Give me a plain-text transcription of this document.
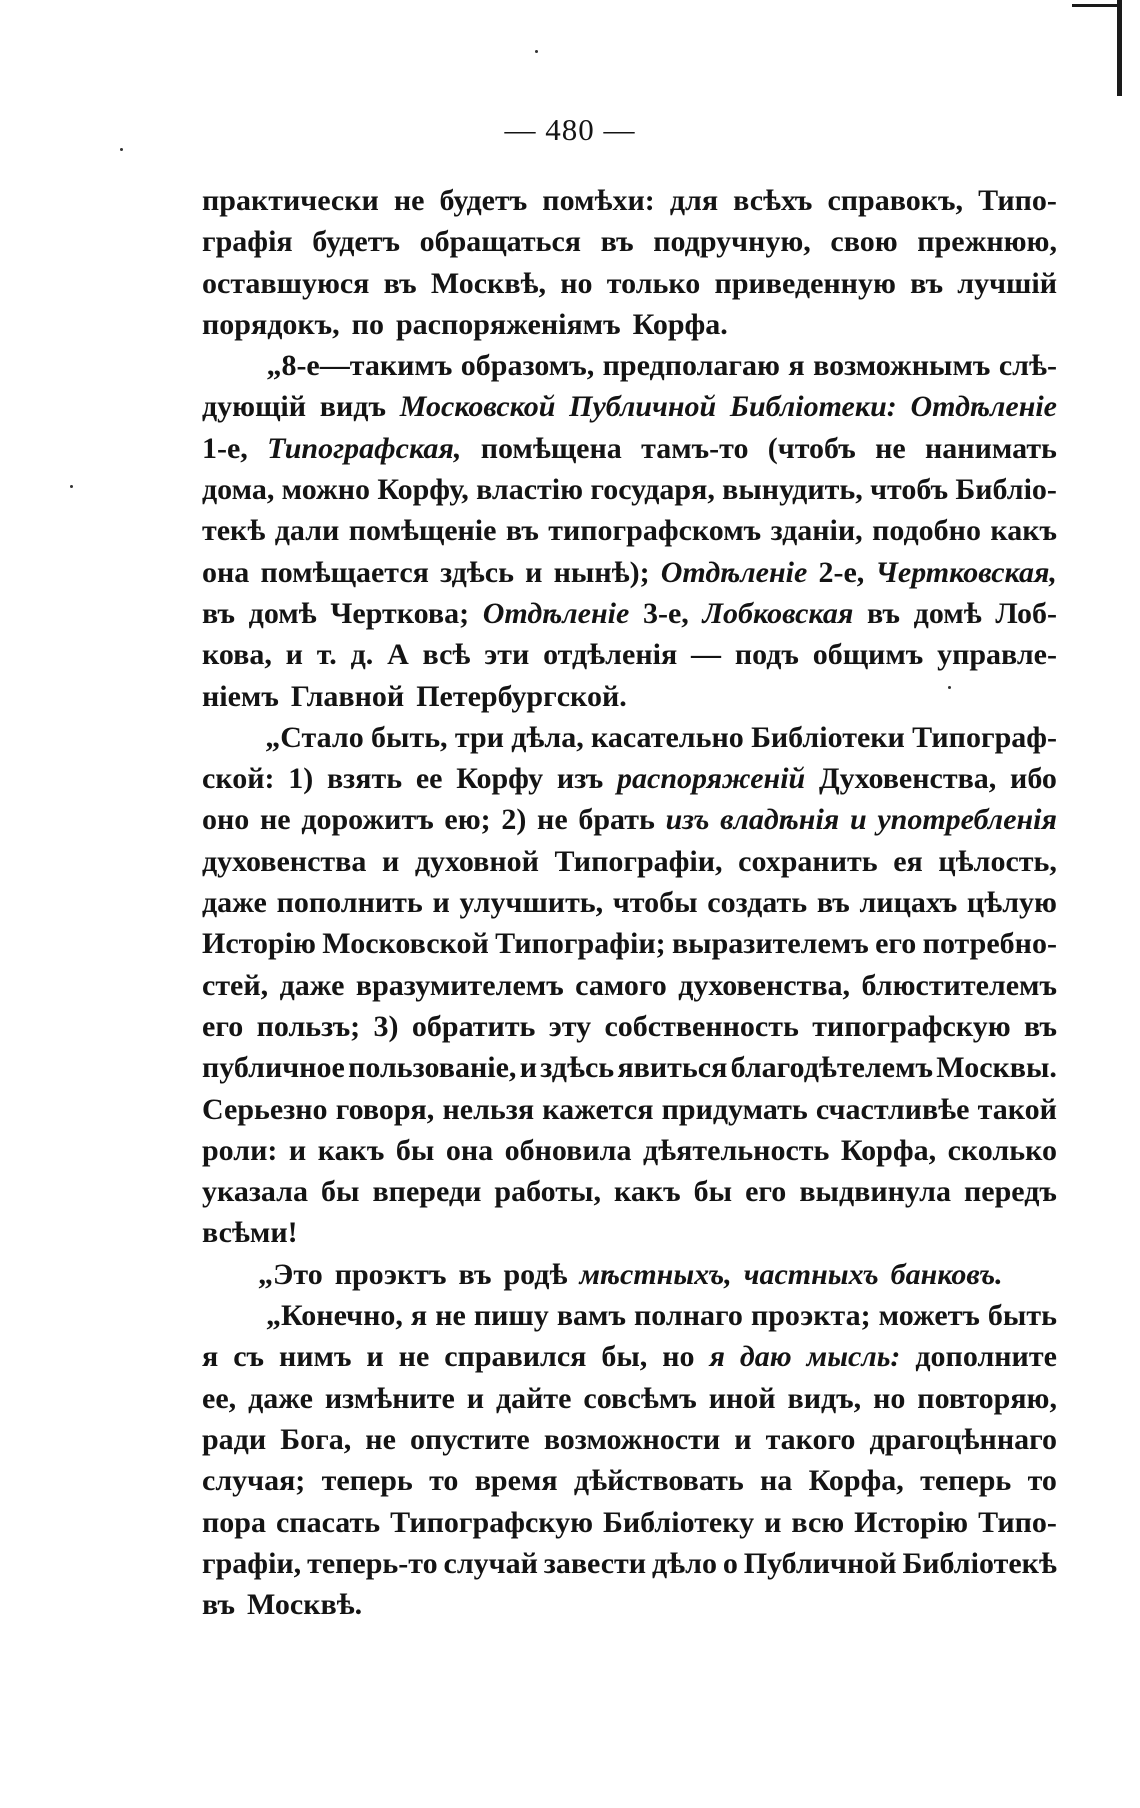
— 480 —
практически не будетъ помѣхи: для всѣхъ справокъ, Типо-
графія будетъ обращаться въ подручную, свою прежнюю,
оставшуюся въ Москвѣ, но только приведенную въ лучшій
порядокъ, по распоряженіямъ Корфа.
„8-е—такимъ образомъ, предполагаю я возможнымъ слѣ-
дующій видъ Московской Публичной Библіотеки: Отдѣленіе
1-е, Типографская, помѣщена тамъ-то (чтобъ не нанимать
дома, можно Корфу, властію государя, вынудить, чтобъ Библіо-
текѣ дали помѣщеніе въ типографскомъ зданіи, подобно какъ
она помѣщается здѣсь и нынѣ); Отдѣленіе 2-е, Чертковская,
въ домѣ Черткова; Отдѣленіе 3-е, Лобковская въ домѣ Лоб-
кова, и т. д. А всѣ эти отдѣленія — подъ общимъ управле-
ніемъ Главной Петербургской.
„Стало быть, три дѣла, касательно Библіотеки Типограф-
ской: 1) взять ее Корфу изъ распоряженій Духовенства, ибо
оно не дорожитъ ею; 2) не брать изъ владѣнія и употребленія
духовенства и духовной Типографіи, сохранить ея цѣлость,
даже пополнить и улучшить, чтобы создать въ лицахъ цѣлую
Исторію Московской Типографіи; выразителемъ его потребно-
стей, даже вразумителемъ самого духовенства, блюстителемъ
его пользъ; 3) обратить эту собственность типографскую въ
публичное пользованіе, и здѣсь явиться благодѣтелемъ Москвы.
Серьезно говоря, нельзя кажется придумать счастливѣе такой
роли: и какъ бы она обновила дѣятельность Корфа, сколько
указала бы впереди работы, какъ бы его выдвинула передъ
всѣми!
„Это проэктъ въ родѣ мѣстныхъ, частныхъ банковъ.
„Конечно, я не пишу вамъ полнаго проэкта; можетъ быть
я съ нимъ и не справился бы, но я даю мысль: дополните
ее, даже измѣните и дайте совсѣмъ иной видъ, но повторяю,
ради Бога, не опустите возможности и такого драгоцѣннаго
случая; теперь то время дѣйствовать на Корфа, теперь то
пора спасать Типографскую Библіотеку и всю Исторію Типо-
графіи, теперь-то случай завести дѣло о Публичной Библіотекѣ
въ Москвѣ.
